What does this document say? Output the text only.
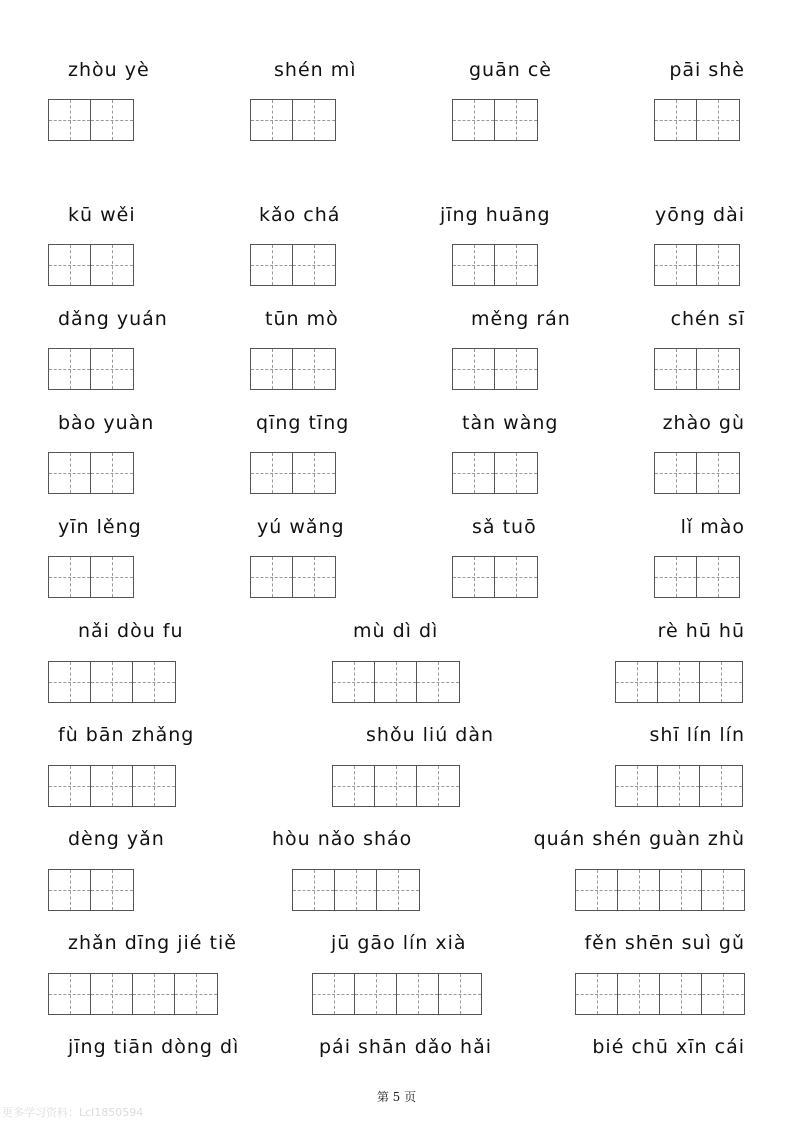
zhòu yè	shén mì	guān cè	pāi shè
kū wěi	kǎo chá	jīng huāng	yōng dài
dǎng yuán	tūn mò	měng rán	chén sī
bào yuàn	qīng tīng	tàn wàng	zhào gù
yīn lěng	yú wǎng	sǎ tuō	lǐ mào
nǎi dòu fu	mù dì dì	rè hū hū
fù bān zhǎng	shǒu liú dàn	shī lín lín
dèng yǎn	hòu nǎo sháo	quán shén guàn zhù
zhǎn dīng jié tiě	jū gāo lín xià	fěn shēn suì gǔ
jīng tiān dòng dì	pái shān dǎo hǎi	bié chū xīn cái
第 5 页
更多学习资料：Lcl1850594
